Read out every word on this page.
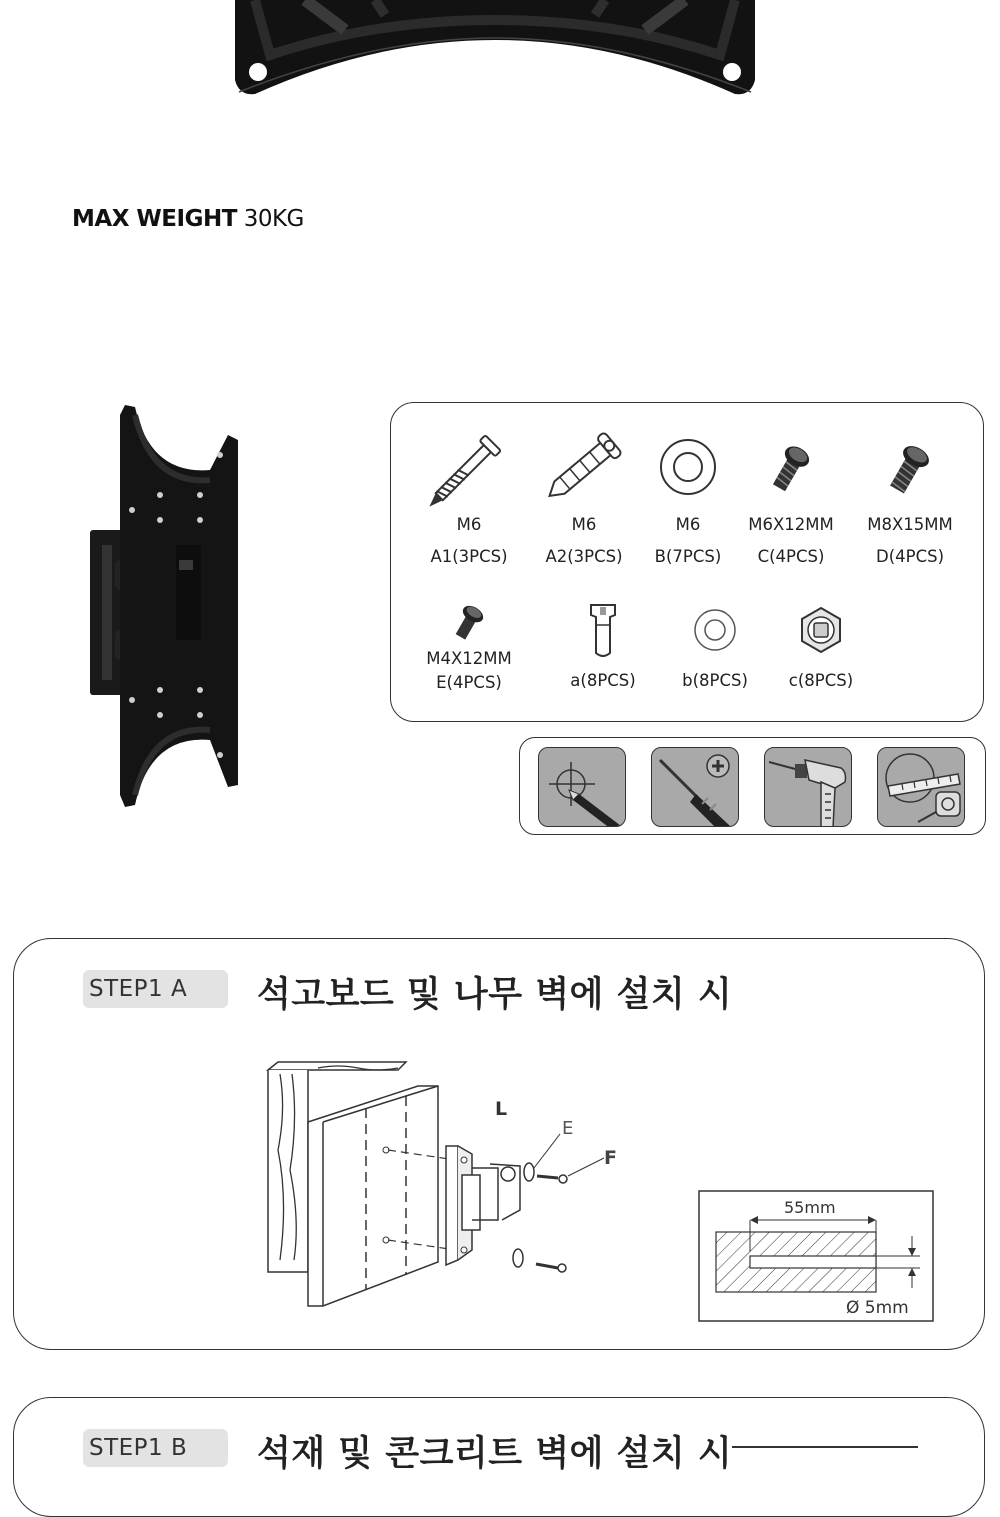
MAX WEIGHT 30KG
M6
A1(3PCS)
M6
A2(3PCS)
M6
B(7PCS)
M6X12MM
C(4PCS)
M8X15MM
D(4PCS)
M4X12MM
E(4PCS)	a(8PCS)	b(8PCS)	c(8PCS)
STEP1 A	석고보드 및 나무 벽에 설치 시
L
E
F
55mm
Ø 5mm
STEP1 B	석재 및 콘크리트 벽에 설치 시
